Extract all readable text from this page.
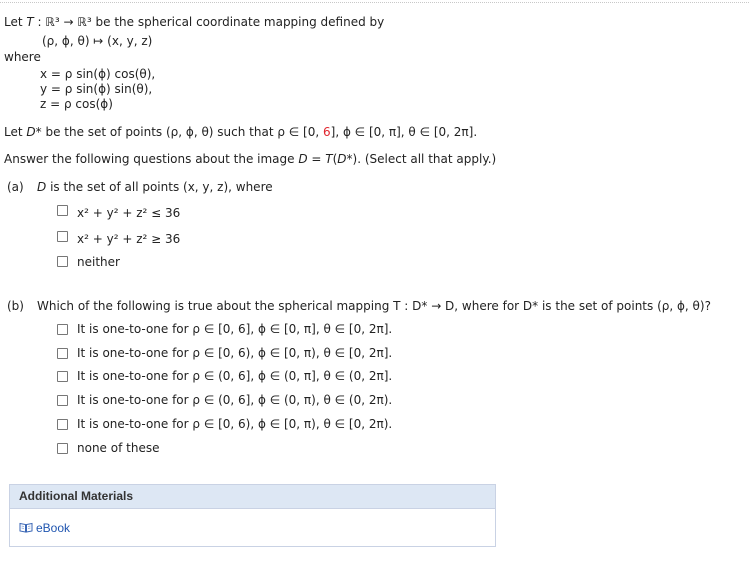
Let T : ℝ³ → ℝ³ be the spherical coordinate mapping defined by
(ρ, ϕ, θ) ↦ (x, y, z)
where
x = ρ sin(ϕ) cos(θ),
y = ρ sin(ϕ) sin(θ),
z = ρ cos(ϕ)
Let D* be the set of points (ρ, ϕ, θ) such that ρ ∈ [0, 6], ϕ ∈ [0, π], θ ∈ [0, 2π].
Answer the following questions about the image D = T(D*). (Select all that apply.)
(a) D is the set of all points (x, y, z), where
x² + y² + z² ≤ 36
x² + y² + z² ≥ 36
neither
(b) Which of the following is true about the spherical mapping T : D* → D, where for D* is the set of points (ρ, ϕ, θ)?
It is one-to-one for ρ ∈ [0, 6], ϕ ∈ [0, π], θ ∈ [0, 2π].
It is one-to-one for ρ ∈ [0, 6), ϕ ∈ [0, π), θ ∈ [0, 2π].
It is one-to-one for ρ ∈ (0, 6], ϕ ∈ (0, π], θ ∈ (0, 2π].
It is one-to-one for ρ ∈ (0, 6], ϕ ∈ (0, π), θ ∈ (0, 2π).
It is one-to-one for ρ ∈ [0, 6), ϕ ∈ [0, π), θ ∈ [0, 2π).
none of these
Additional Materials
eBook
